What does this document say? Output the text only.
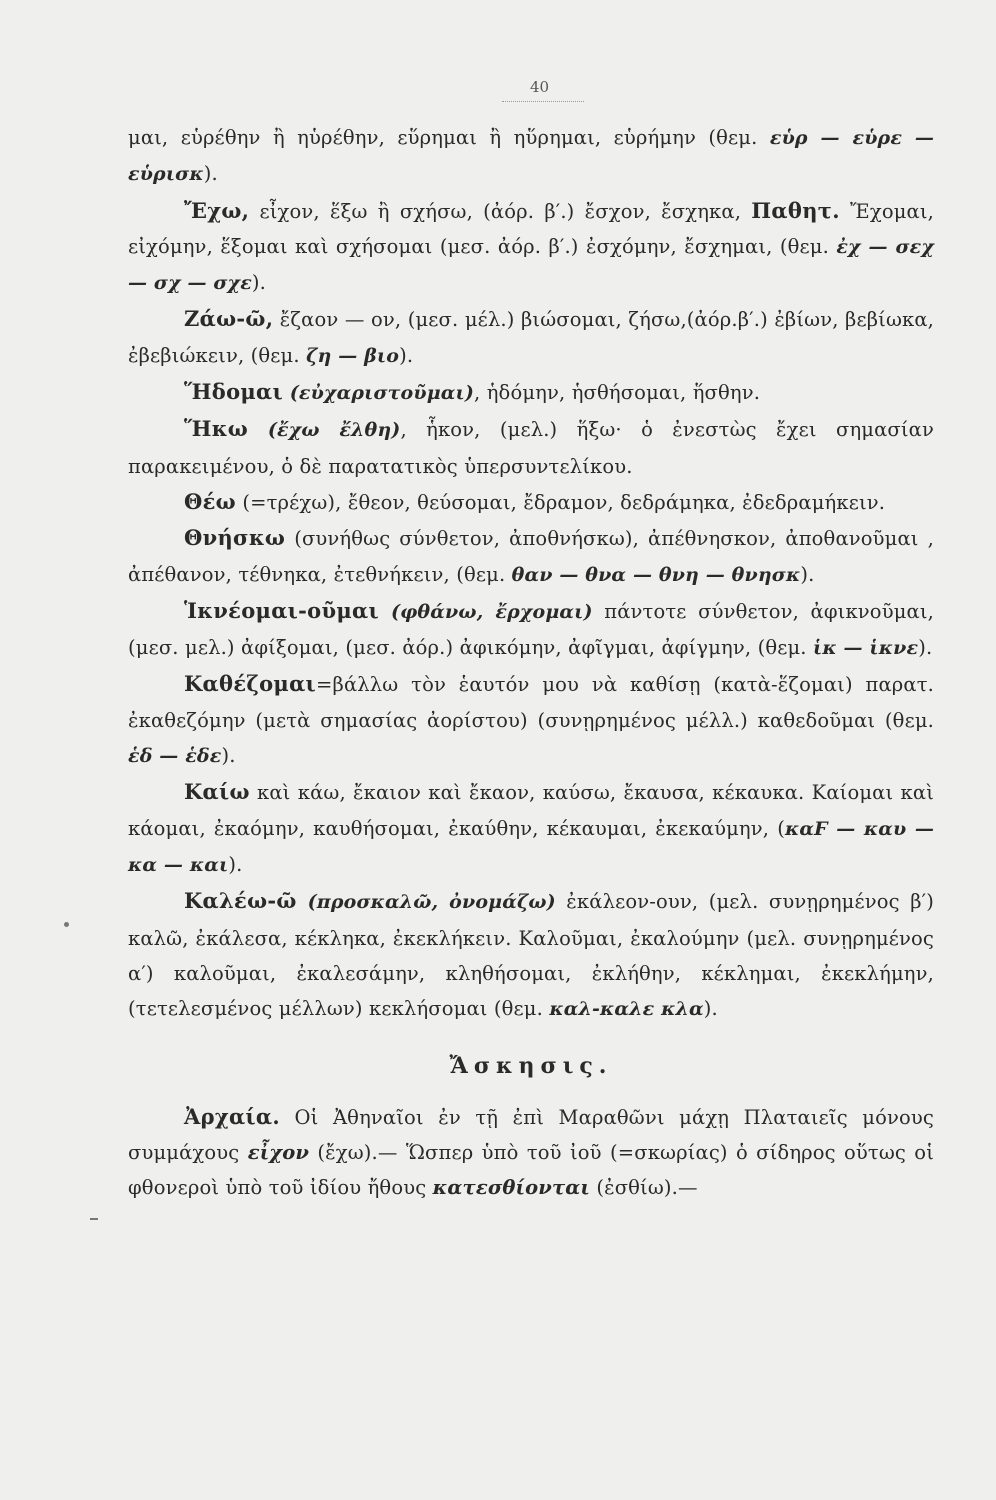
40

μαι, εὑρέθην ἢ ηὑρέθην, εὕρημαι ἢ ηὕρημαι, εὑρήμην (θεμ. εὑρ — εὑρε — εὑρισκ).

Ἔχω, εἶχον, ἕξω ἢ σχήσω, (ἀόρ. β′.) ἔσχον, ἔσχηκα, Παθητ. Ἔχομαι, εἰχόμην, ἕξομαι καὶ σχήσομαι (μεσ. ἀόρ. β′.) ἐσχόμην, ἔσχημαι, (θεμ. ἐχ — σεχ — σχ — σχε).

Ζάω-ῶ, ἔζαον — ον, (μεσ. μέλ.) βιώσομαι, ζήσω,(ἀόρ.β′.) ἐβίων, βεβίωκα, ἐβεβιώκειν, (θεμ. ζη — βιο).

Ἥδομαι (εὐχαριστοῦμαι), ἡδόμην, ἡσθήσομαι, ἥσθην.

Ἥκω (ἔχω ἔλθη), ἧκον, (μελ.) ἥξω· ὁ ἐνεστὼς ἔχει σημασίαν παρακειμένου, ὁ δὲ παρατατικὸς ὑπερσυντελίκου.

Θέω (=τρέχω), ἔθεον, θεύσομαι, ἔδραμον, δεδράμηκα, ἐδεδραμήκειν.

Θνήσκω (συνήθως σύνθετον, ἀποθνήσκω), ἀπέθνησκον, ἀποθανοῦμαι , ἀπέθανον, τέθνηκα, ἐτεθνήκειν, (θεμ. θαν — θνα — θνη — θνησκ).

Ἱκνέομαι-οῦμαι (φθάνω, ἔρχομαι) πάντοτε σύνθετον, ἀφικνοῦμαι, (μεσ. μελ.) ἀφίξομαι, (μεσ. ἀόρ.) ἀφικόμην, ἀφῖγμαι, ἀφίγμην, (θεμ. ἱκ — ἱκνε).

Καθέζομαι=βάλλω τὸν ἑαυτόν μου νὰ καθίσῃ (κατὰ-ἕζομαι) παρατ. ἐκαθεζόμην (μετὰ σημασίας ἀορίστου) (συνῃρημένος μέλλ.) καθεδοῦμαι (θεμ. ἑδ — ἑδε).

Καίω καὶ κάω, ἔκαιον καὶ ἔκαον, καύσω, ἔκαυσα, κέκαυκα. Καίομαι καὶ κάομαι, ἐκαόμην, καυθήσομαι, ἐκαύθην, κέκαυμαι, ἐκεκαύμην, (καϜ — καυ — κα — και).

Καλέω-ῶ (προσκαλῶ, ὀνομάζω) ἐκάλεον-ουν, (μελ. συνῃρημένος β′) καλῶ, ἐκάλεσα, κέκληκα, ἐκεκλήκειν. Καλοῦμαι, ἐκαλούμην (μελ. συνῃρημένος α′) καλοῦμαι, ἐκαλεσάμην, κληθήσομαι, ἐκλήθην, κέκλημαι, ἐκεκλήμην, (τετελεσμένος μέλλων) κεκλήσομαι (θεμ. καλ-καλε κλα).

Ἄσκησις.

Ἀρχαία. Οἱ Ἀθηναῖοι ἐν τῇ ἐπὶ Μαραθῶνι μάχῃ Πλαταιεῖς μόνους συμμάχους εἶχον (ἔχω).— Ὥσπερ ὑπὸ τοῦ ἰοῦ (=σκωρίας) ὁ σίδηρος οὕτως οἱ φθονεροὶ ὑπὸ τοῦ ἰδίου ἤθους κατεσθίονται (ἐσθίω).—
